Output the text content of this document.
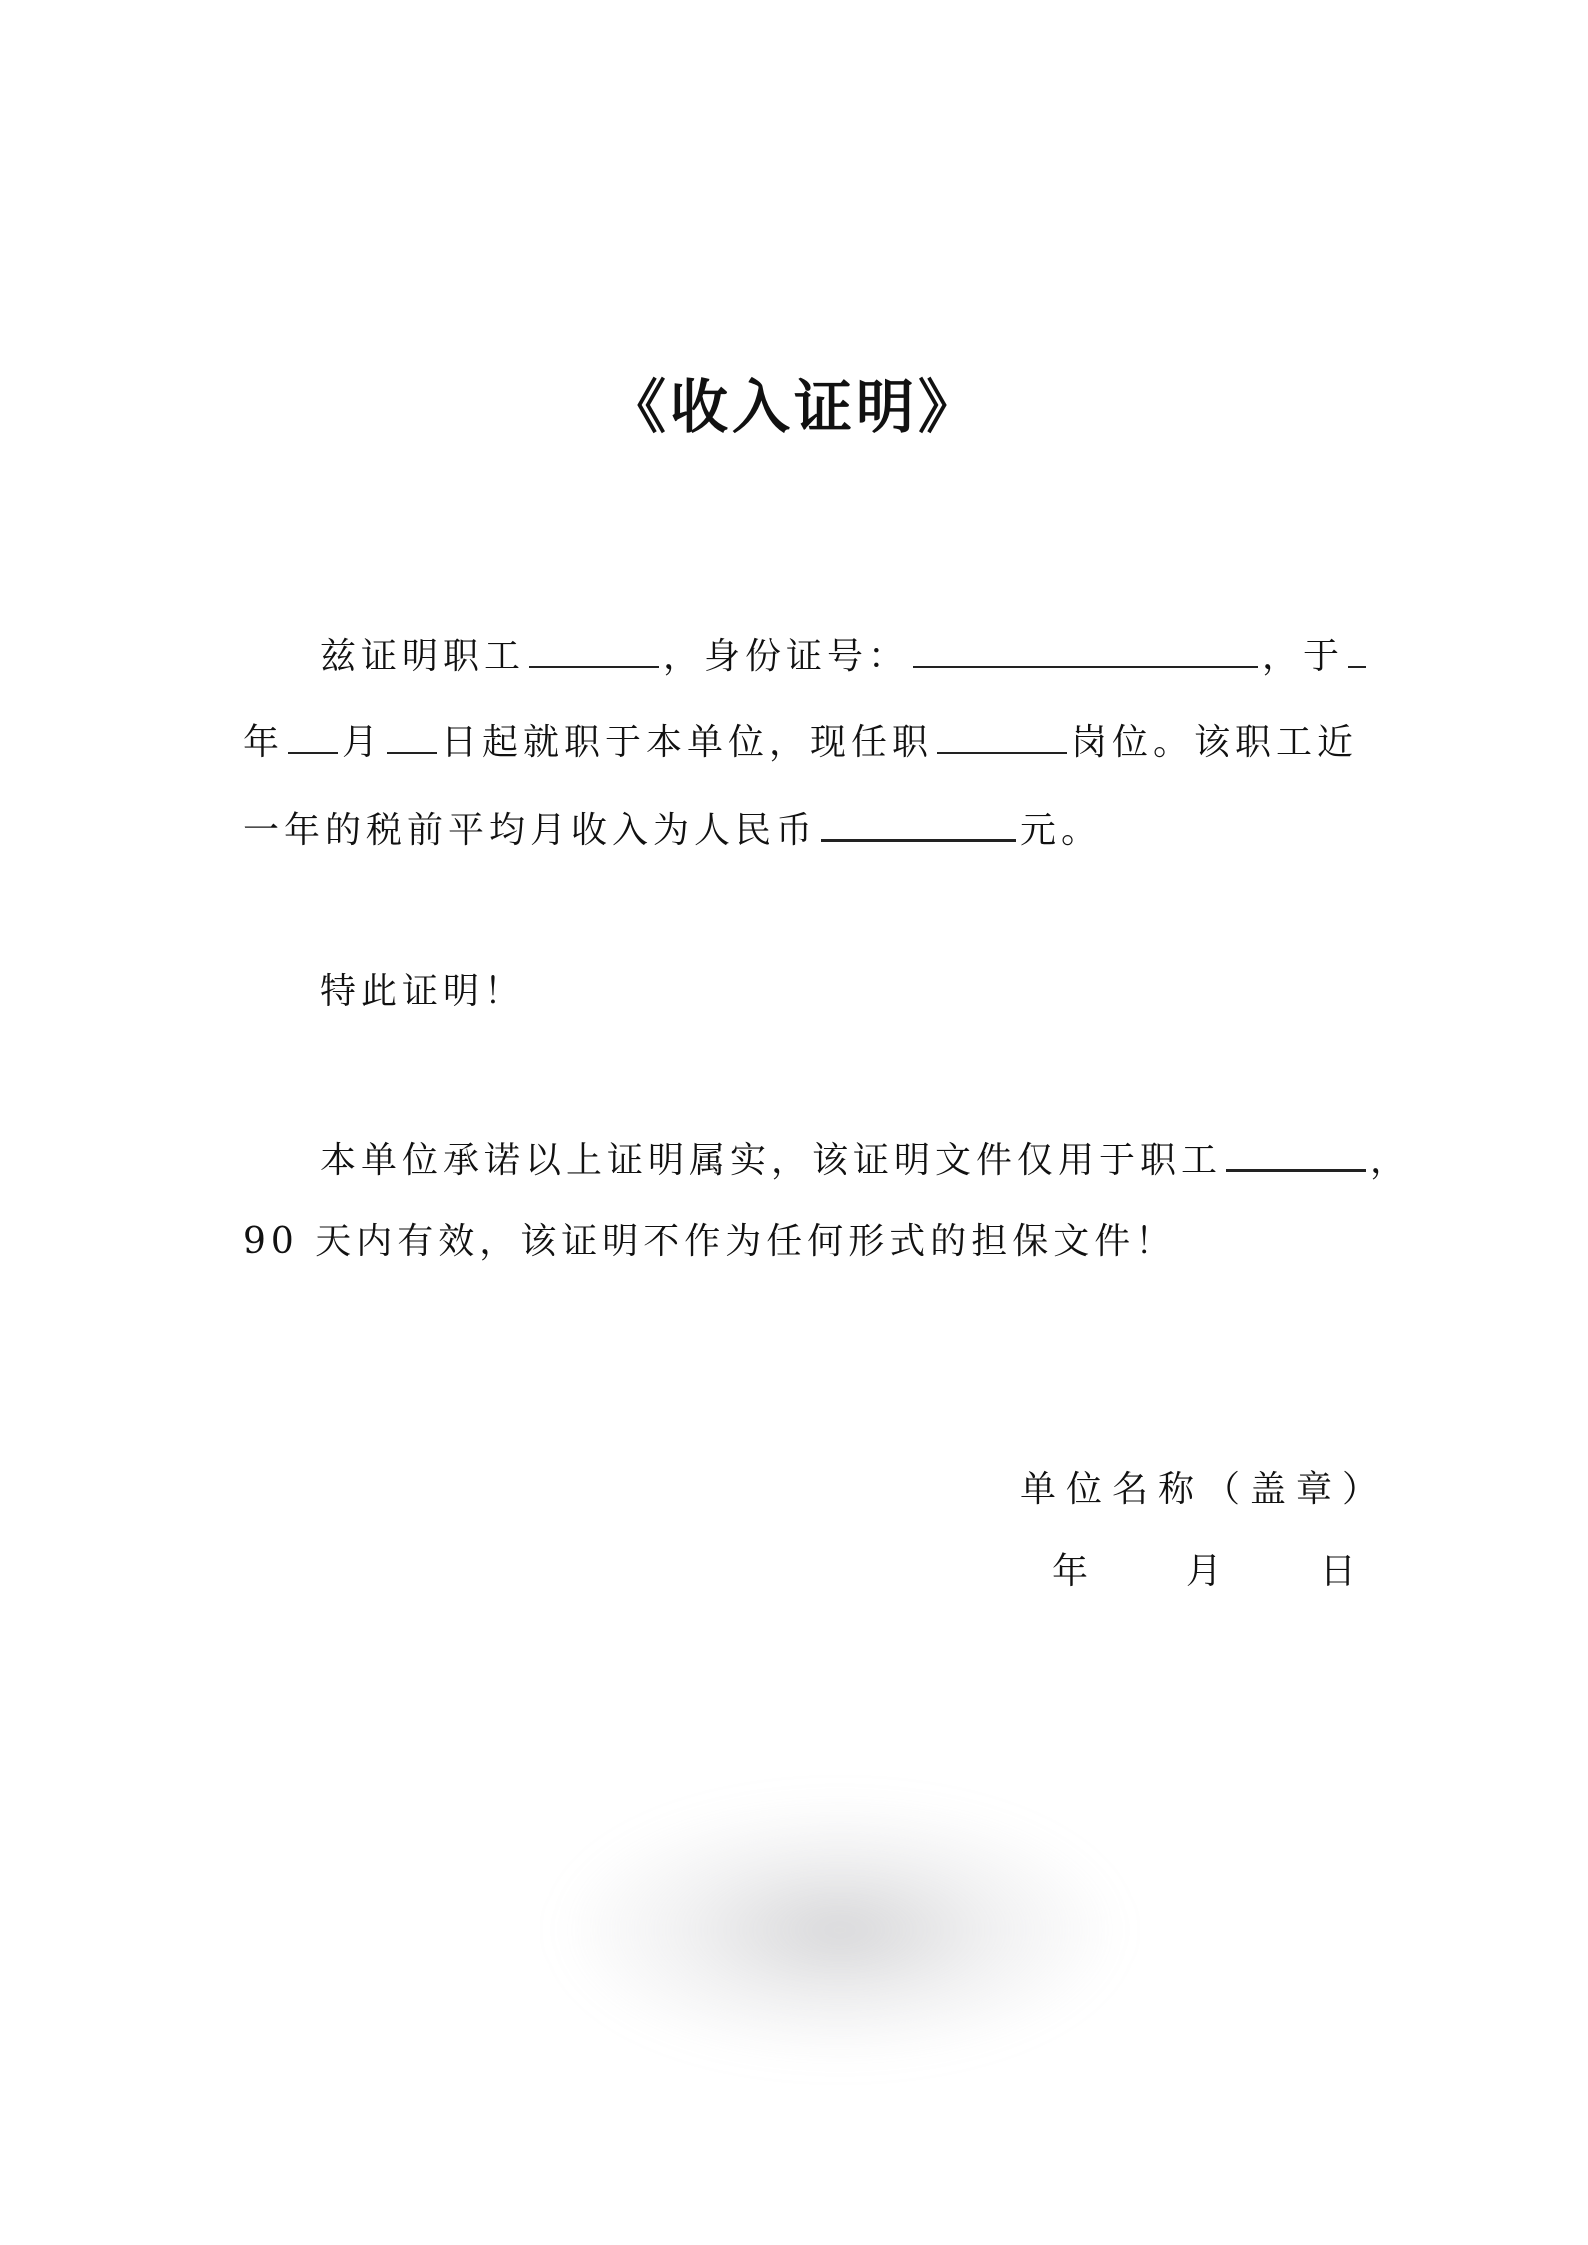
《收入证明》
兹证明职工	，身份证号：	，于
年 月 日起就职于本单位，现任职	岗位。该职工近
一年的税前平均月收入为人民币	元。
特此证明！
本单位承诺以上证明属实，该证明文件仅用于职工	，
90 天内有效，该证明不作为任何形式的担保文件！
单位名称（盖章）
年	月	日
